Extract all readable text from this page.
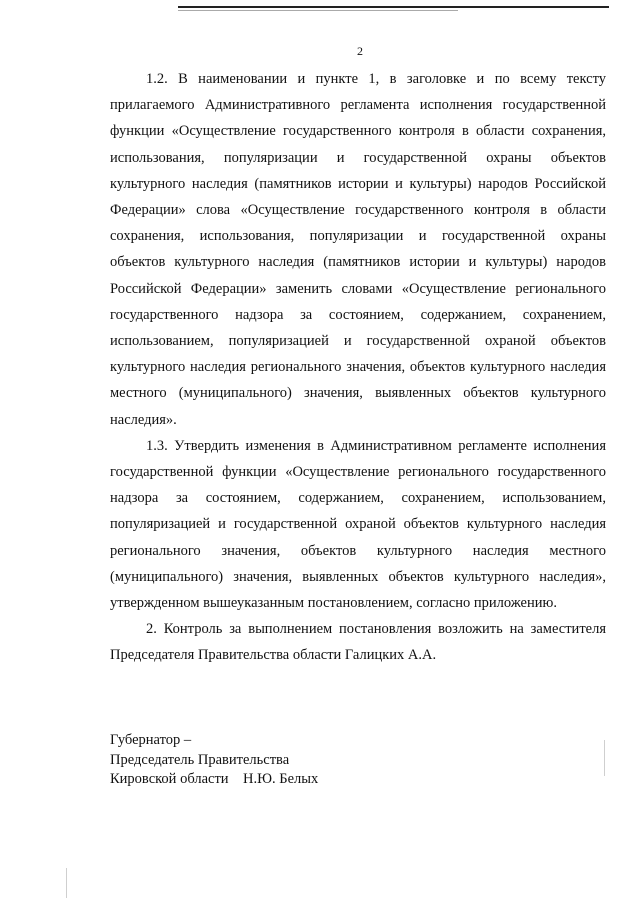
2

1.2. В наименовании и пункте 1, в заголовке и по всему тексту прилагаемого Административного регламента исполнения государственной функции «Осуществление государственного контроля в области сохранения, использования, популяризации и государственной охраны объектов культурного наследия (памятников истории и культуры) народов Российской Федерации» слова «Осуществление государственного контроля в области сохранения, использования, популяризации и государственной охраны объектов культурного наследия (памятников истории и культуры) народов Российской Федерации» заменить словами «Осуществление регионального государственного надзора за состоянием, содержанием, сохранением, использованием, популяризацией и государственной охраной объектов культурного наследия регионального значения, объектов культурного наследия местного (муниципального) значения, выявленных объектов культурного наследия».

1.3. Утвердить изменения в Административном регламенте исполнения государственной функции «Осуществление регионального государственного надзора за состоянием, содержанием, сохранением, использованием, популяризацией и государственной охраной объектов культурного наследия регионального значения, объектов культурного наследия местного (муниципального) значения, выявленных объектов культурного наследия», утвержденном вышеуказанным постановлением, согласно приложению.

2. Контроль за выполнением постановления возложить на заместителя Председателя Правительства области Галицких А.А.

Губернатор –
Председатель Правительства
Кировской области    Н.Ю. Белых
